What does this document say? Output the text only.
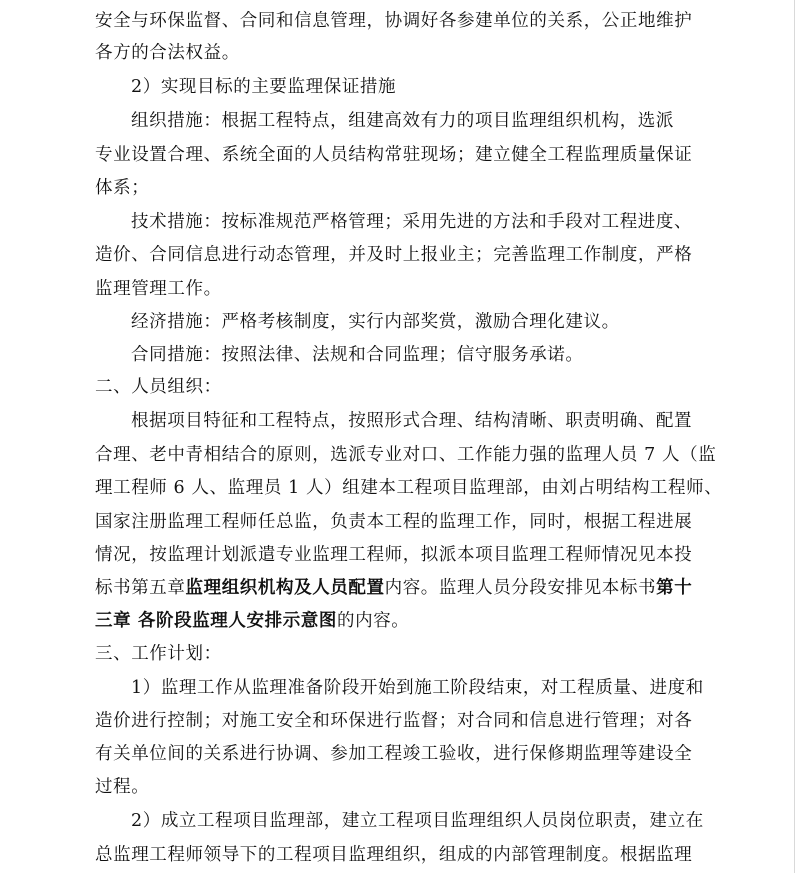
安全与环保监督、合同和信息管理，协调好各参建单位的关系，公正地维护
各方的合法权益。
2）实现目标的主要监理保证措施
组织措施：根据工程特点，组建高效有力的项目监理组织机构，选派
专业设置合理、系统全面的人员结构常驻现场；建立健全工程监理质量保证
体系；
技术措施：按标准规范严格管理；采用先进的方法和手段对工程进度、
造价、合同信息进行动态管理，并及时上报业主；完善监理工作制度，严格
监理管理工作。
经济措施：严格考核制度，实行内部奖赏，激励合理化建议。
合同措施：按照法律、法规和合同监理；信守服务承诺。
二、人员组织：
根据项目特征和工程特点，按照形式合理、结构清晰、职责明确、配置
合理、老中青相结合的原则，选派专业对口、工作能力强的监理人员 7 人（监
理工程师 6 人、监理员 1 人）组建本工程项目监理部，由刘占明结构工程师、
国家注册监理工程师任总监，负责本工程的监理工作，同时，根据工程进展
情况，按监理计划派遣专业监理工程师，拟派本项目监理工程师情况见本投
标书第五章监理组织机构及人员配置内容。监理人员分段安排见本标书第十
三章 各阶段监理人安排示意图的内容。
三、工作计划：
1）监理工作从监理准备阶段开始到施工阶段结束，对工程质量、进度和
造价进行控制；对施工安全和环保进行监督；对合同和信息进行管理；对各
有关单位间的关系进行协调、参加工程竣工验收，进行保修期监理等建设全
过程。
2）成立工程项目监理部，建立工程项目监理组织人员岗位职责，建立在
总监理工程师领导下的工程项目监理组织，组成的内部管理制度。根据监理
